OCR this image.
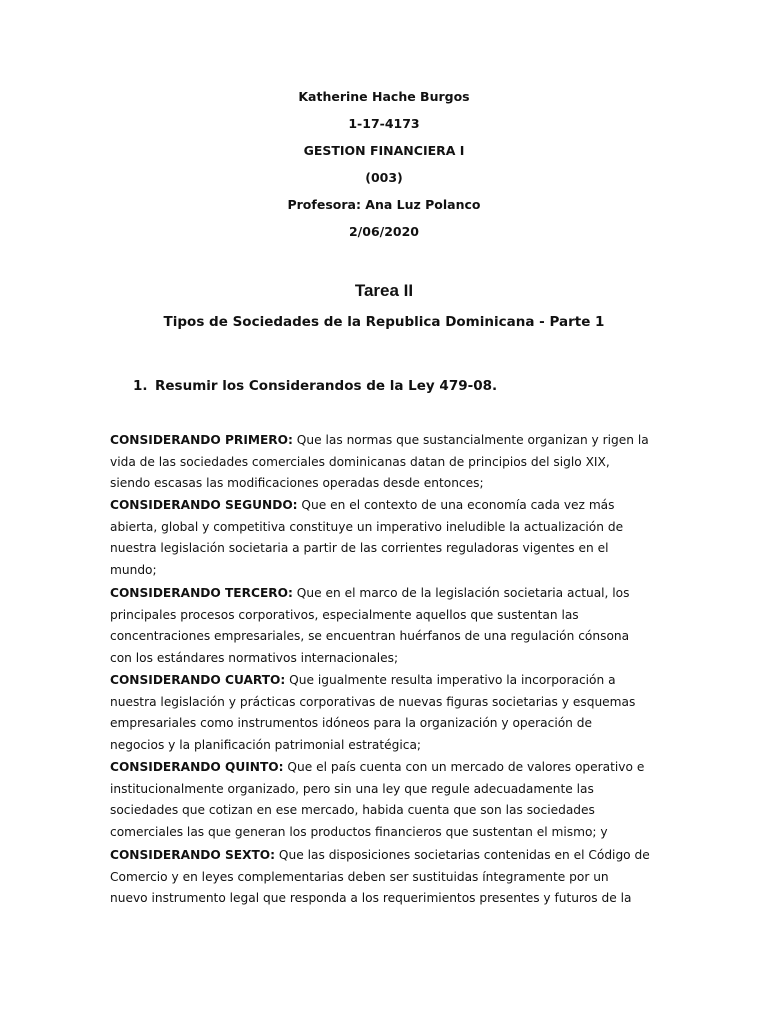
Katherine Hache Burgos
1-17-4173
GESTION FINANCIERA I
(003)
Profesora: Ana Luz Polanco
2/06/2020
Tarea II
Tipos de Sociedades de la Republica Dominicana - Parte 1
1. Resumir los Considerandos de la Ley 479-08.

CONSIDERANDO PRIMERO: Que las normas que sustancialmente organizan y rigen la
vida de las sociedades comerciales dominicanas datan de principios del siglo XIX,
siendo escasas las modificaciones operadas desde entonces;

CONSIDERANDO SEGUNDO: Que en el contexto de una economía cada vez más
abierta, global y competitiva constituye un imperativo ineludible la actualización de
nuestra legislación societaria a partir de las corrientes reguladoras vigentes en el
mundo;

CONSIDERANDO TERCERO: Que en el marco de la legislación societaria actual, los
principales procesos corporativos, especialmente aquellos que sustentan las
concentraciones empresariales, se encuentran huérfanos de una regulación cónsona
con los estándares normativos internacionales;

CONSIDERANDO CUARTO: Que igualmente resulta imperativo la incorporación a
nuestra legislación y prácticas corporativas de nuevas figuras societarias y esquemas
empresariales como instrumentos idóneos para la organización y operación de
negocios y la planificación patrimonial estratégica;

CONSIDERANDO QUINTO: Que el país cuenta con un mercado de valores operativo e
institucionalmente organizado, pero sin una ley que regule adecuadamente las
sociedades que cotizan en ese mercado, habida cuenta que son las sociedades
comerciales las que generan los productos financieros que sustentan el mismo; y

CONSIDERANDO SEXTO: Que las disposiciones societarias contenidas en el Código de
Comercio y en leyes complementarias deben ser sustituidas íntegramente por un
nuevo instrumento legal que responda a los requerimientos presentes y futuros de la
